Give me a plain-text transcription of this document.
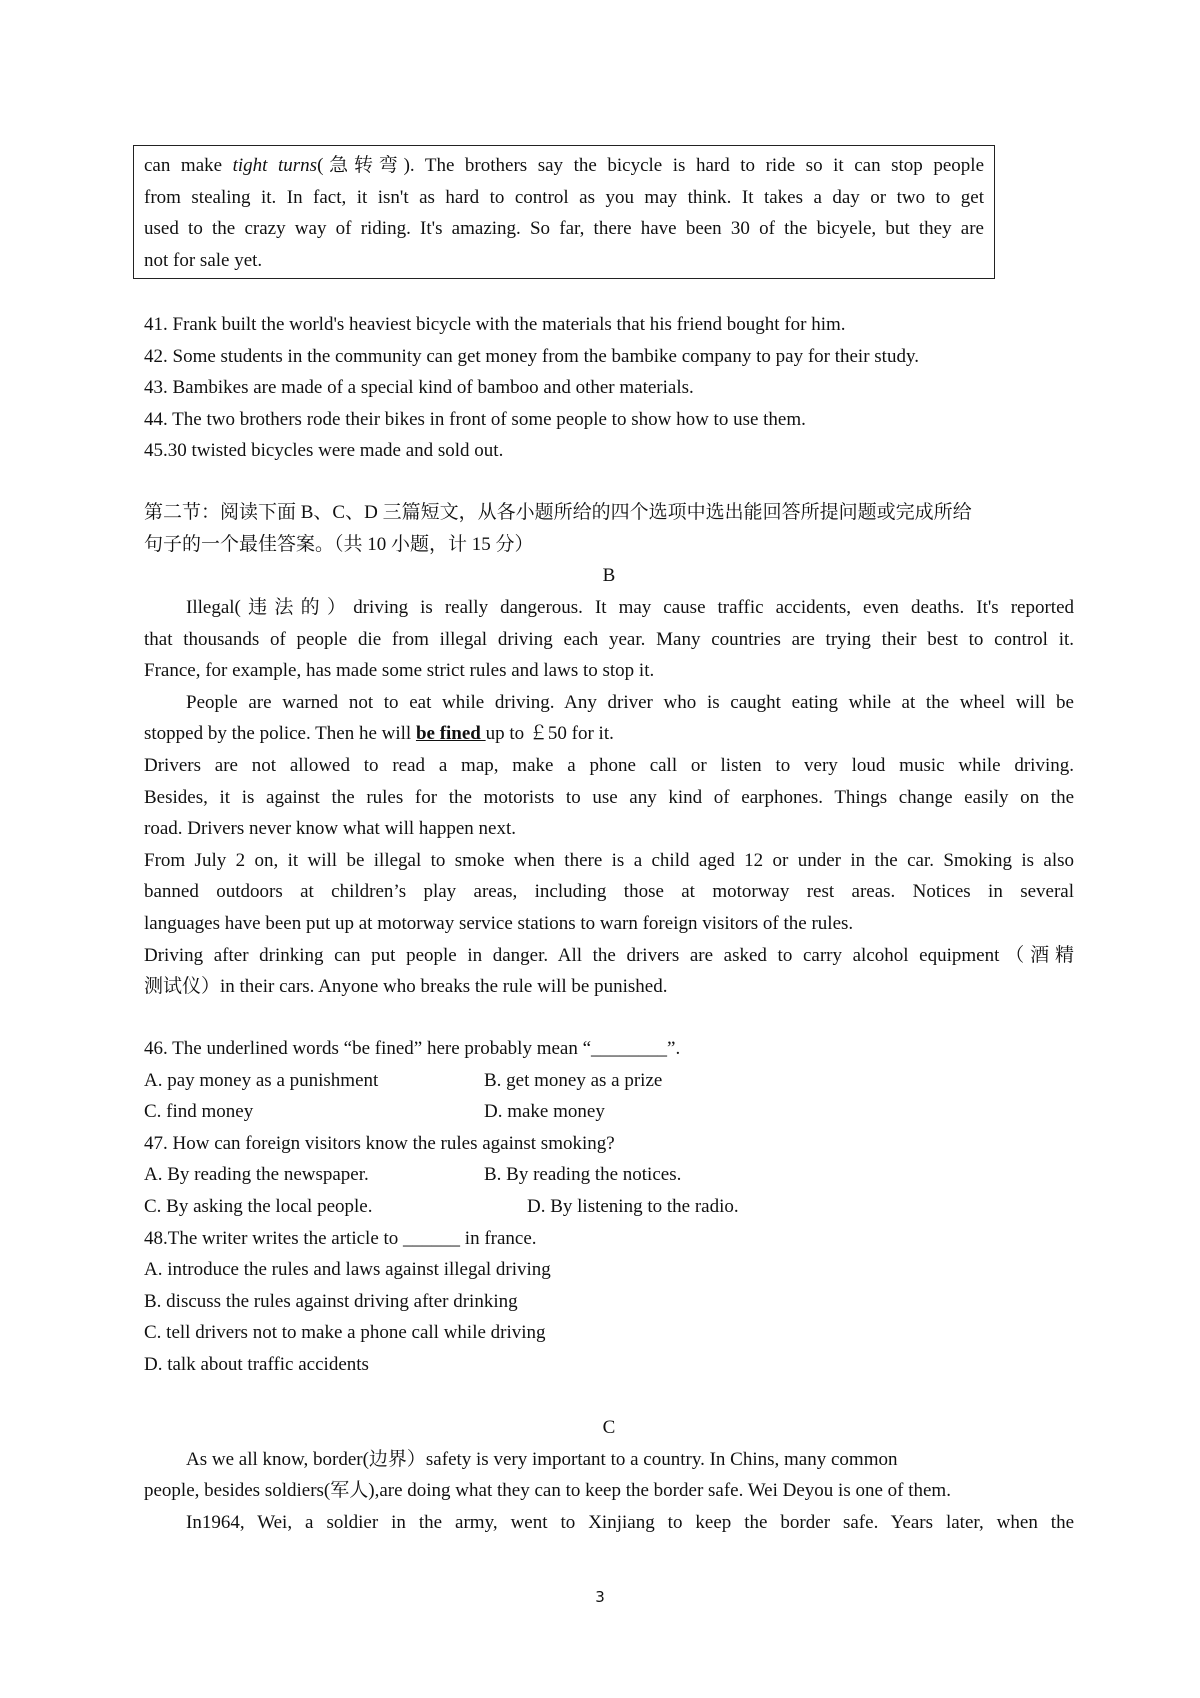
can make tight turns(急转弯). The brothers say the bicycle is hard to ride so it can stop people
from stealing it. In fact, it isn't as hard to control as you may think. It takes a day or two to get
used to the crazy way of riding. It's amazing. So far, there have been 30 of the bicyele, but they are
not for sale yet.

41. Frank built the world's heaviest bicycle with the materials that his friend bought for him.
42. Some students in the community can get money from the bambike company to pay for their study.
43. Bambikes are made of a special kind of bamboo and other materials.
44. The two brothers rode their bikes in front of some people to show how to use them.
45.30 twisted bicycles were made and sold out.
第二节：阅读下面 B、C、D 三篇短文，从各小题所给的四个选项中选出能回答所提问题或完成所给
句子的一个最佳答案。（共 10 小题，计 15 分）
B
Illegal(违法的）driving is really dangerous. It may cause traffic accidents, even deaths. It's reported
that thousands of people die from illegal driving each year. Many countries are trying their best to control it.
France, for example, has made some strict rules and laws to stop it.
People are warned not to eat while driving. Any driver who is caught eating while at the wheel will be
stopped by the police. Then he will be fined up to ￡50 for it.
Drivers are not allowed to read a map, make a phone call or listen to very loud music while driving.
Besides, it is against the rules for the motorists to use any kind of earphones. Things change easily on the
road. Drivers never know what will happen next.
From July 2 on, it will be illegal to smoke when there is a child aged 12 or under in the car. Smoking is also
banned outdoors at children’s play areas, including those at motorway rest areas. Notices in several
languages have been put up at motorway service stations to warn foreign visitors of the rules.
Driving after drinking can put people in danger. All the drivers are asked to carry alcohol equipment（酒精
测试仪）in their cars. Anyone who breaks the rule will be punished.
46. The underlined words “be fined” here probably mean “________”.
A. pay money as a punishment	B. get money as a prize
C. find money	D. make money
47. How can foreign visitors know the rules against smoking?
A. By reading the newspaper.	B. By reading the notices.
C. By asking the local people.	D. By listening to the radio.
48.The writer writes the article to ______ in france.
A. introduce the rules and laws against illegal driving
B. discuss the rules against driving after drinking
C. tell drivers not to make a phone call while driving
D. talk about traffic accidents
C
As we all know, border(边界）safety is very important to a country. In Chins, many common
people, besides soldiers(军人),are doing what they can to keep the border safe. Wei Deyou is one of them.
In1964, Wei, a soldier in the army, went to Xinjiang to keep the border safe. Years later, when the
3
